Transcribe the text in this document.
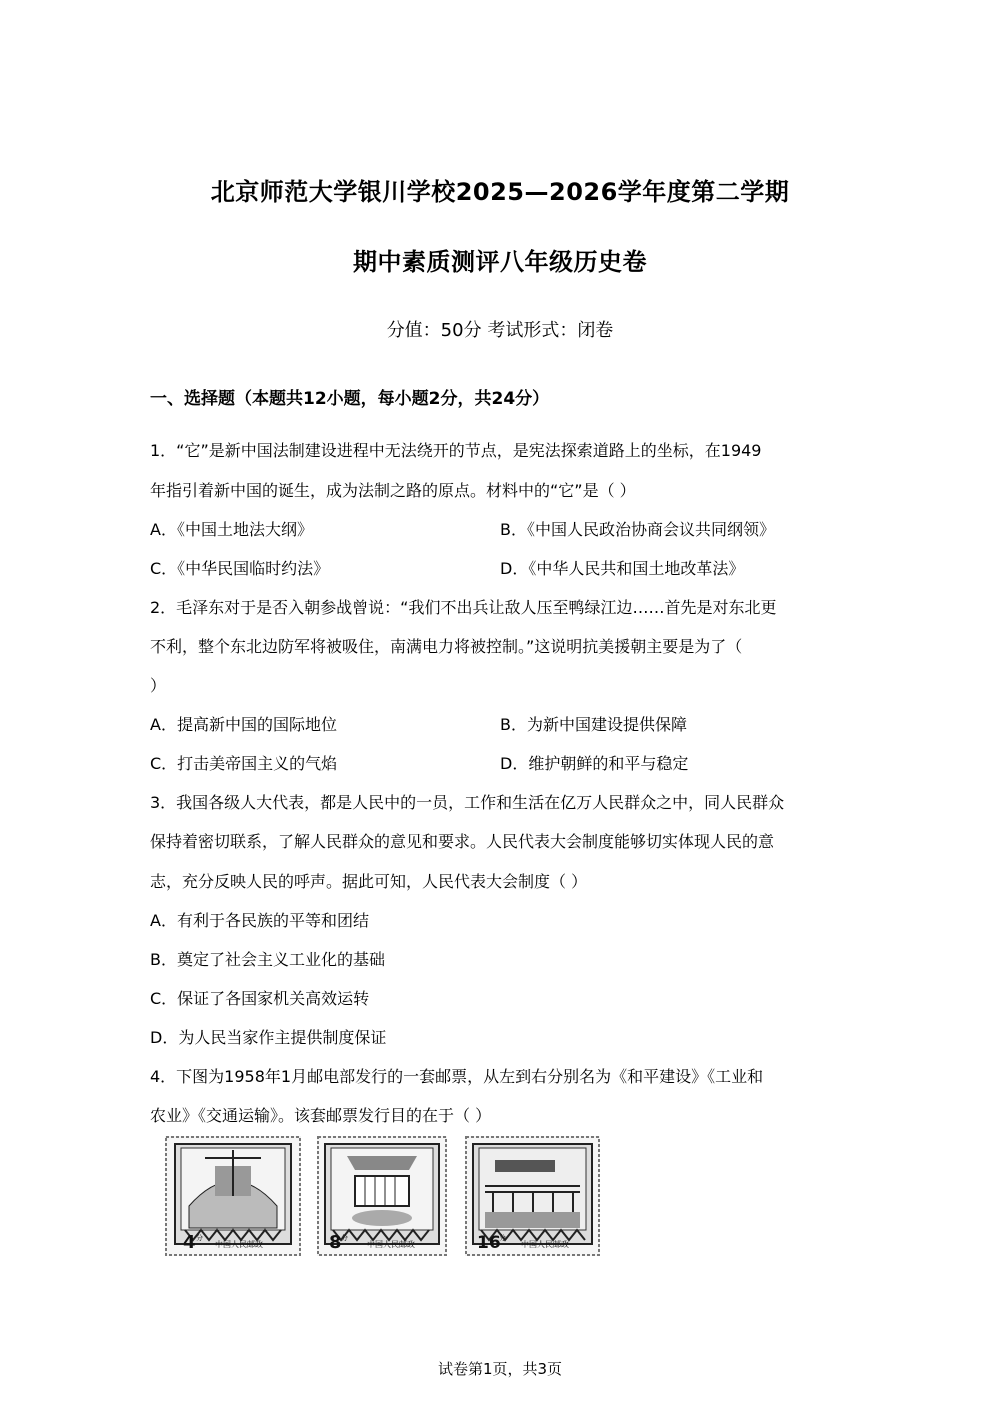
北京师范大学银川学校2025—2026学年度第二学期
期中素质测评八年级历史卷
分值：50分 考试形式：闭卷
一、选择题（本题共12小题，每小题2分，共24分）
1．“它”是新中国法制建设进程中无法绕开的节点，是宪法探索道路上的坐标，在1949
年指引着新中国的诞生，成为法制之路的原点。材料中的“它”是（ ）
A．《中国土地法大纲》	B．《中国人民政治协商会议共同纲领》
C．《中华民国临时约法》	D．《中华人民共和国土地改革法》
2．毛泽东对于是否入朝参战曾说：“我们不出兵让敌人压至鸭绿江边……首先是对东北更
不利，整个东北边防军将被吸住，南满电力将被控制。”这说明抗美援朝主要是为了（
）
A．提高新中国的国际地位	B．为新中国建设提供保障
C．打击美帝国主义的气焰	D．维护朝鲜的和平与稳定
3．我国各级人大代表，都是人民中的一员，工作和生活在亿万人民群众之中，同人民群众
保持着密切联系，了解人民群众的意见和要求。人民代表大会制度能够切实体现人民的意
志，充分反映人民的呼声。据此可知，人民代表大会制度（ ）
A．有利于各民族的平等和团结
B．奠定了社会主义工业化的基础
C．保证了各国家机关高效运转
D．为人民当家作主提供制度保证
4．下图为1958年1月邮电部发行的一套邮票，从左到右分别名为《和平建设》《工业和
农业》《交通运输》。该套邮票发行目的在于（ ）
4 分
中国人民邮政	8 分
中国人民邮政	16
分
中国人民邮政
试卷第1页，共3页
